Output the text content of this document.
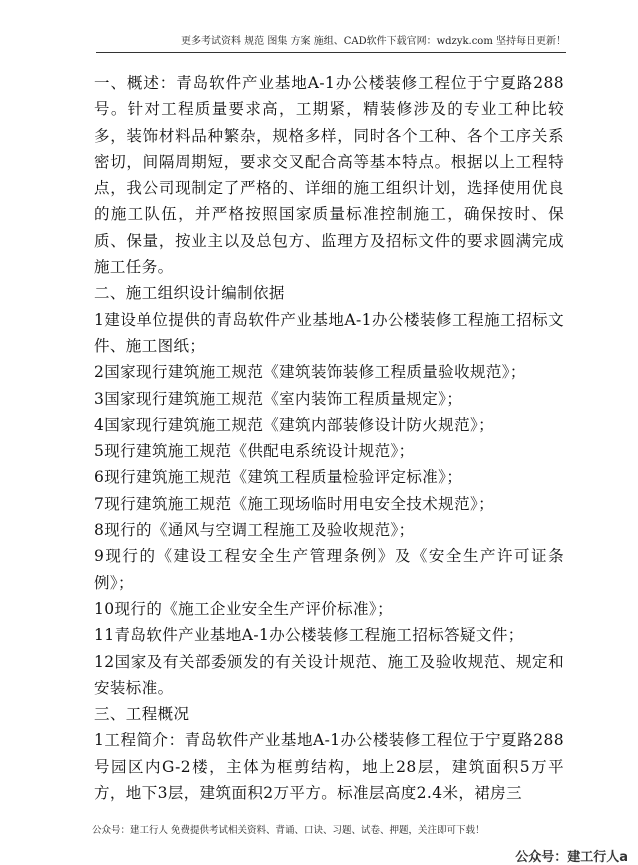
更多考试资料 规范 图集 方案 施组、CAD软件下载官网：wdzyk.com 坚持每日更新！

一、概述：青岛软件产业基地A-1办公楼装修工程位于宁夏路288号。针对工程质量要求高，工期紧，精装修涉及的专业工种比较多，装饰材料品种繁杂，规格多样，同时各个工种、各个工序关系密切，间隔周期短，要求交叉配合高等基本特点。根据以上工程特点，我公司现制定了严格的、详细的施工组织计划，选择使用优良的施工队伍，并严格按照国家质量标准控制施工，确保按时、保质、保量，按业主以及总包方、监理方及招标文件的要求圆满完成施工任务。

二、施工组织设计编制依据

1建设单位提供的青岛软件产业基地A-1办公楼装修工程施工招标文件、施工图纸；

2国家现行建筑施工规范《建筑装饰装修工程质量验收规范》；

3国家现行建筑施工规范《室内装饰工程质量规定》；

4国家现行建筑施工规范《建筑内部装修设计防火规范》；

5现行建筑施工规范《供配电系统设计规范》；

6现行建筑施工规范《建筑工程质量检验评定标准》；

7现行建筑施工规范《施工现场临时用电安全技术规范》；

8现行的《通风与空调工程施工及验收规范》；

9现行的《建设工程安全生产管理条例》及《安全生产许可证条例》；

10现行的《施工企业安全生产评价标准》；

11青岛软件产业基地A-1办公楼装修工程施工招标答疑文件；

12国家及有关部委颁发的有关设计规范、施工及验收规范、规定和安装标准。

三、工程概况

1工程简介：青岛软件产业基地A-1办公楼装修工程位于宁夏路288号园区内G-2楼，主体为框剪结构，地上28层，建筑面积5万平方，地下3层，建筑面积2万平方。标准层高度2.4米，裙房三

公众号：建工行人 免费提供考试相关资料、背诵、口诀、习题、试卷、押题，关注即可下载！
公众号：建工行人a
